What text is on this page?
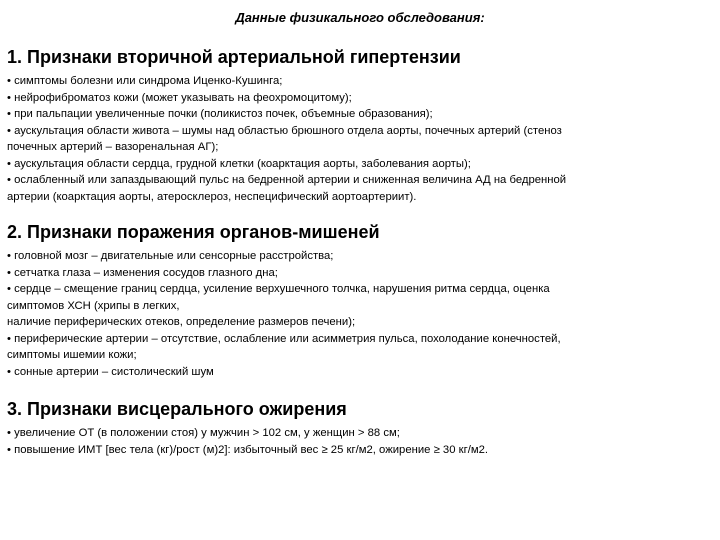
Данные физикального обследования:
1. Признаки вторичной артериальной гипертензии

• симптомы болезни или синдрома Иценко-Кушинга;

• нейрофиброматоз кожи (может указывать на феохромоцитому);

• при пальпации увеличенные почки (поликистоз почек, объемные образования);

• аускультация области живота – шумы над областью брюшного отдела аорты, почечных артерий (стеноз

почечных артерий – вазоренальная АГ);

• аускультация области сердца, грудной клетки (коарктация аорты, заболевания аорты);

• ослабленный или запаздывающий пульс на бедренной артерии и сниженная величина АД на бедренной

артерии (коарктация аорты, атеросклероз, неспецифический аортоартериит).

2. Признаки поражения органов-мишеней

• головной мозг – двигательные или сенсорные расстройства;

• сетчатка глаза – изменения сосудов глазного дна;

• сердце – смещение границ сердца, усиление верхушечного толчка, нарушения ритма сердца, оценка

симптомов ХСН (хрипы в легких,

наличие периферических отеков, определение размеров печени);

• периферические артерии – отсутствие, ослабление или асимметрия пульса, похолодание конечностей,

симптомы ишемии кожи;

• сонные артерии – систолический шум

3. Признаки висцерального ожирения

• увеличение ОТ (в положении стоя) у мужчин > 102 см, у женщин > 88 см;

• повышение ИМТ [вес тела (кг)/рост (м)2]: избыточный вес ≥ 25 кг/м2, ожирение ≥ 30 кг/м2.
